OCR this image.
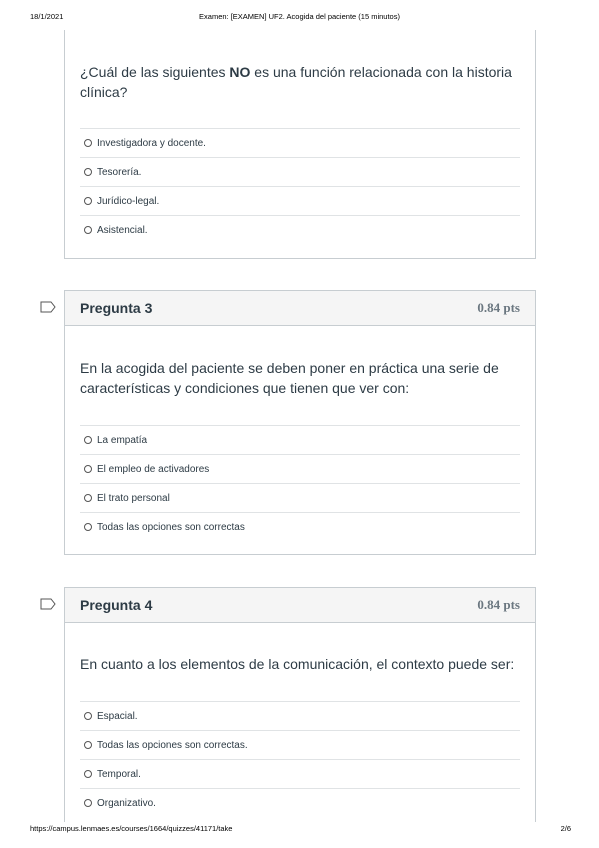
18/1/2021	Examen: [EXAMEN] UF2. Acogida del paciente (15 minutos)
¿Cuál de las siguientes NO es una función relacionada con la historia clínica?
Investigadora y docente.
Tesorería.
Jurídico-legal.
Asistencial.
Pregunta 3	0.84 pts
En la acogida del paciente se deben poner en práctica una serie de características y condiciones que tienen que ver con:
La empatía
El empleo de activadores
El trato personal
Todas las opciones son correctas
Pregunta 4	0.84 pts
En cuanto a los elementos de la comunicación, el contexto puede ser:
Espacial.
Todas las opciones son correctas.
Temporal.
Organizativo.
https://campus.lenmaes.es/courses/1664/quizzes/41171/take	2/6
